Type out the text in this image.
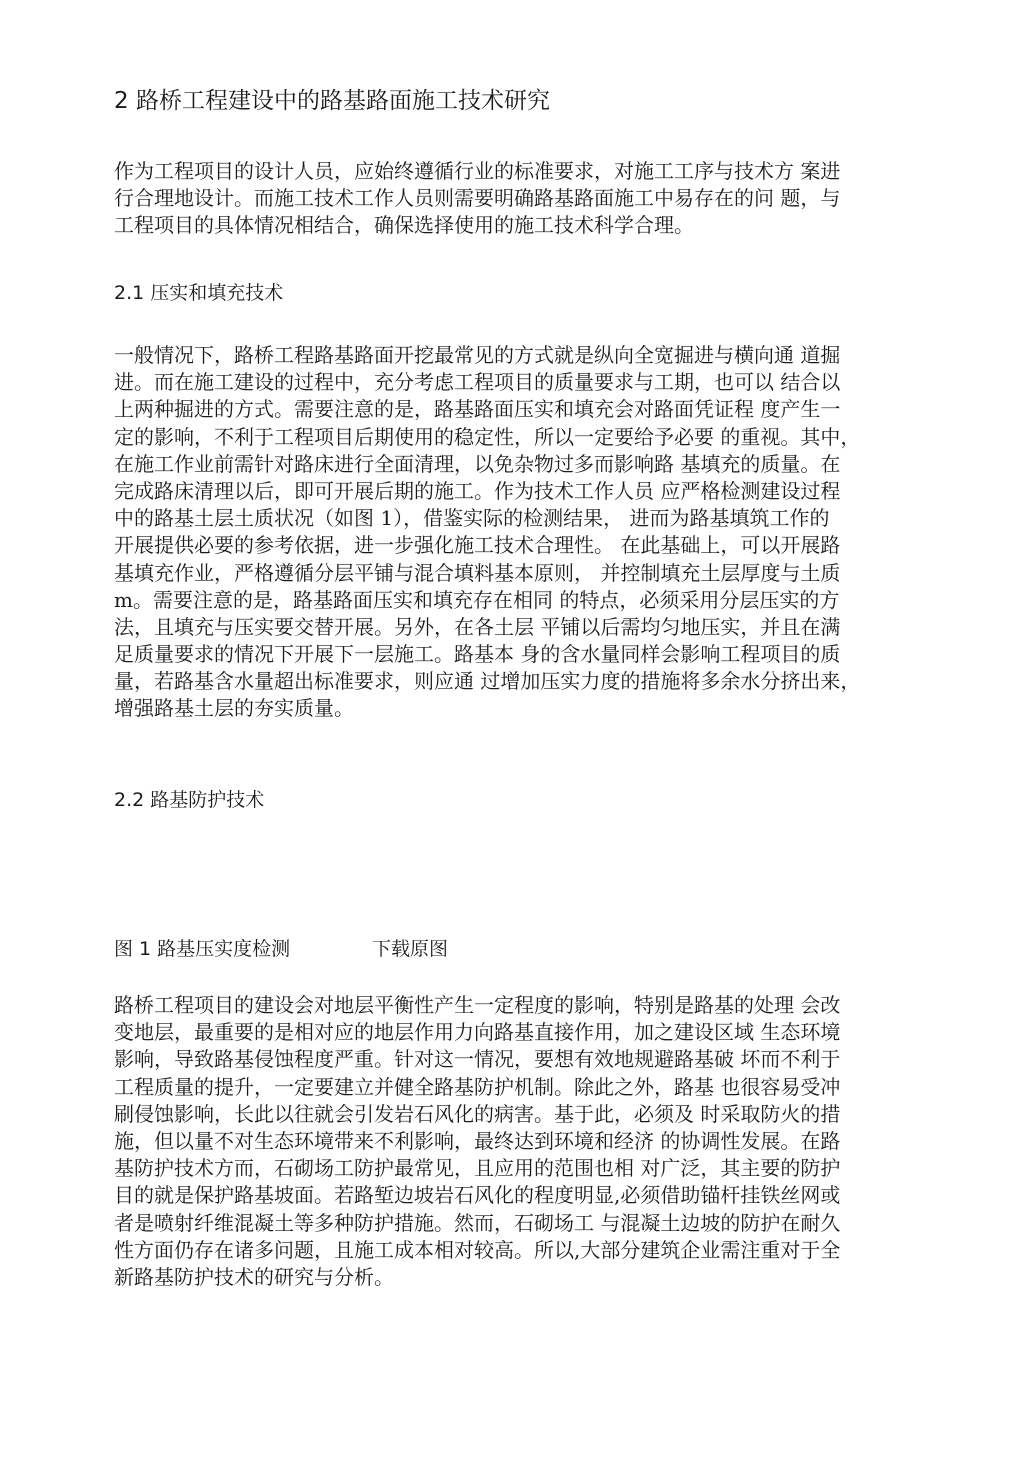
2 路桥工程建设中的路基路面施工技术研究
作为工程项目的设计人员，应始终遵循行业的标准要求，对施工工序与技术方 案进
行合理地设计。而施工技术工作人员则需要明确路基路面施工中易存在的问 题，与
工程项目的具体情况相结合，确保选择使用的施工技术科学合理。
2.1 压实和填充技术
一般情况下，路桥工程路基路面开挖最常见的方式就是纵向全宽掘进与横向通 道掘
进。而在施工建设的过程中，充分考虑工程项目的质量要求与工期，也可以 结合以
上两种掘进的方式。需要注意的是，路基路面压实和填充会对路面凭证程 度产生一
定的影响，不利于工程项目后期使用的稳定性，所以一定要给予必要 的重视。其中，
在施工作业前需针对路床进行全面清理，以免杂物过多而影响路 基填充的质量。在
完成路床清理以后，即可开展后期的施工。作为技术工作人员 应严格检测建设过程
中的路基土层土质状况（如图 1），借鉴实际的检测结果， 进而为路基填筑工作的
开展提供必要的参考依据，进一步强化施工技术合理性。 在此基础上，可以开展路
基填充作业，严格遵循分层平铺与混合填料基本原则， 并控制填充土层厚度与土质
m。需要注意的是，路基路面压实和填充存在相同 的特点，必须采用分层压实的方
法，且填充与压实要交替开展。另外，在各土层 平铺以后需均匀地压实，并且在满
足质量要求的情况下开展下一层施工。路基本 身的含水量同样会影响工程项目的质
量，若路基含水量超出标准要求，则应通 过增加压实力度的措施将多余水分挤出来，
增强路基土层的夯实质量。
2.2 路基防护技术
图 1 路基压实度检测	下载原图
路桥工程项目的建设会对地层平衡性产生一定程度的影响，特别是路基的处理 会改
变地层，最重要的是相对应的地层作用力向路基直接作用，加之建设区域 生态环境
影响，导致路基侵蚀程度严重。针对这一情况，要想有效地规避路基破 坏而不利于
工程质量的提升，一定要建立并健全路基防护机制。除此之外，路基 也很容易受冲
刷侵蚀影响，长此以往就会引发岩石风化的病害。基于此，必须及 时采取防火的措
施，但以量不对生态环境带来不利影响，最终达到环境和经济 的协调性发展。在路
基防护技术方而，石砌场工防护最常见，且应用的范围也相 对广泛，其主要的防护
目的就是保护路基坡面。若路堑边坡岩石风化的程度明显,必须借助锚杆挂铁丝网或
者是喷射纤维混凝土等多种防护措施。然而，石砌场工 与混凝土边坡的防护在耐久
性方面仍存在诸多问题，且施工成本相对较高。所以,大部分建筑企业需注重对于全
新路基防护技术的研究与分析。
